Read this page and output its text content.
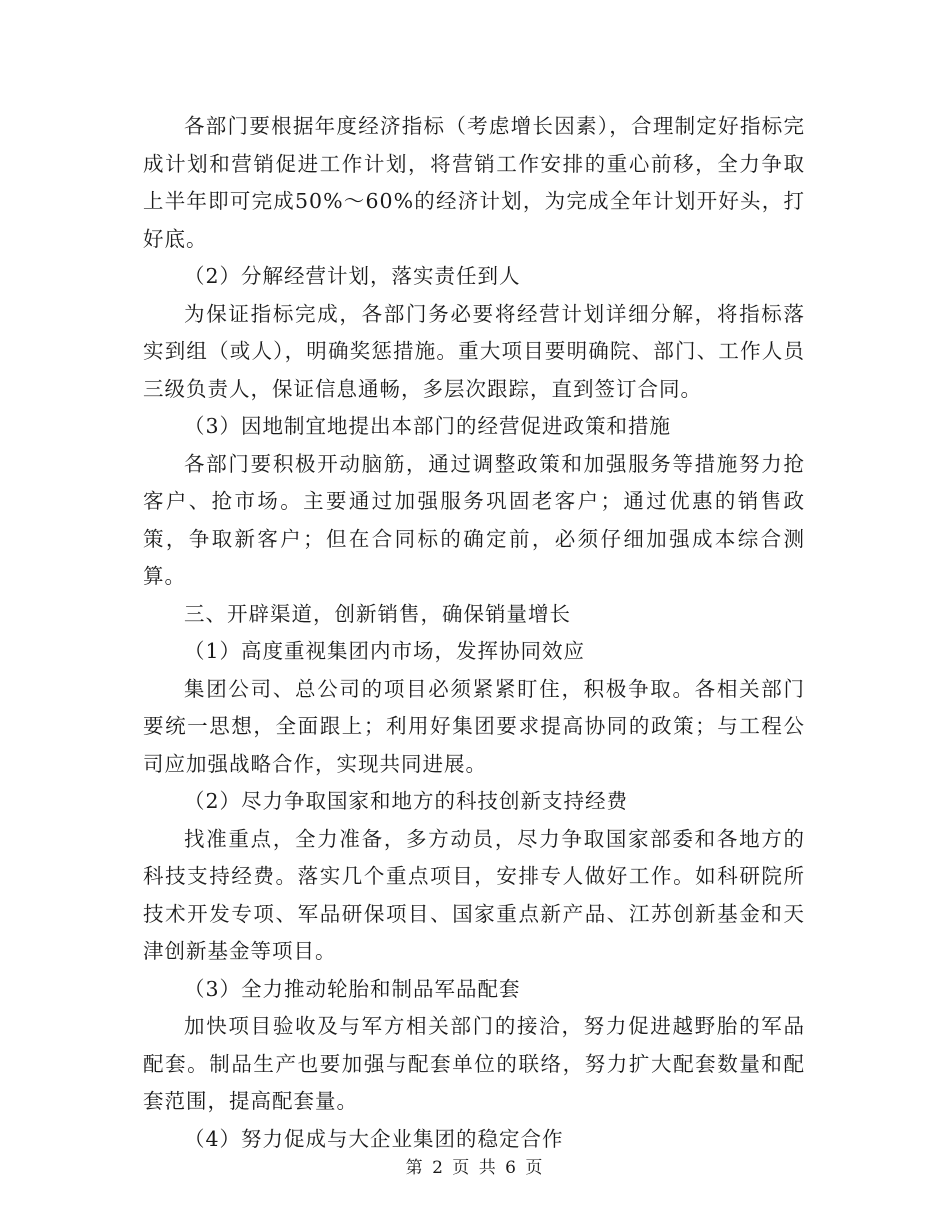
各部门要根据年度经济指标（考虑增长因素），合理制定好指标完成计划和营销促进工作计划，将营销工作安排的重心前移，全力争取上半年即可完成50%～60%的经济计划，为完成全年计划开好头，打好底。

（2）分解经营计划，落实责任到人

为保证指标完成，各部门务必要将经营计划详细分解，将指标落实到组（或人），明确奖惩措施。重大项目要明确院、部门、工作人员三级负责人，保证信息通畅，多层次跟踪，直到签订合同。

（3）因地制宜地提出本部门的经营促进政策和措施

各部门要积极开动脑筋，通过调整政策和加强服务等措施努力抢客户、抢市场。主要通过加强服务巩固老客户；通过优惠的销售政策，争取新客户；但在合同标的确定前，必须仔细加强成本综合测算。

三、开辟渠道，创新销售，确保销量增长

（1）高度重视集团内市场，发挥协同效应

集团公司、总公司的项目必须紧紧盯住，积极争取。各相关部门要统一思想，全面跟上；利用好集团要求提高协同的政策；与工程公司应加强战略合作，实现共同进展。

（2）尽力争取国家和地方的科技创新支持经费

找准重点，全力准备，多方动员，尽力争取国家部委和各地方的科技支持经费。落实几个重点项目，安排专人做好工作。如科研院所技术开发专项、军品研保项目、国家重点新产品、江苏创新基金和天津创新基金等项目。

（3）全力推动轮胎和制品军品配套

加快项目验收及与军方相关部门的接洽，努力促进越野胎的军品配套。制品生产也要加强与配套单位的联络，努力扩大配套数量和配套范围，提高配套量。

（4）努力促成与大企业集团的稳定合作

第 2 页 共 6 页
